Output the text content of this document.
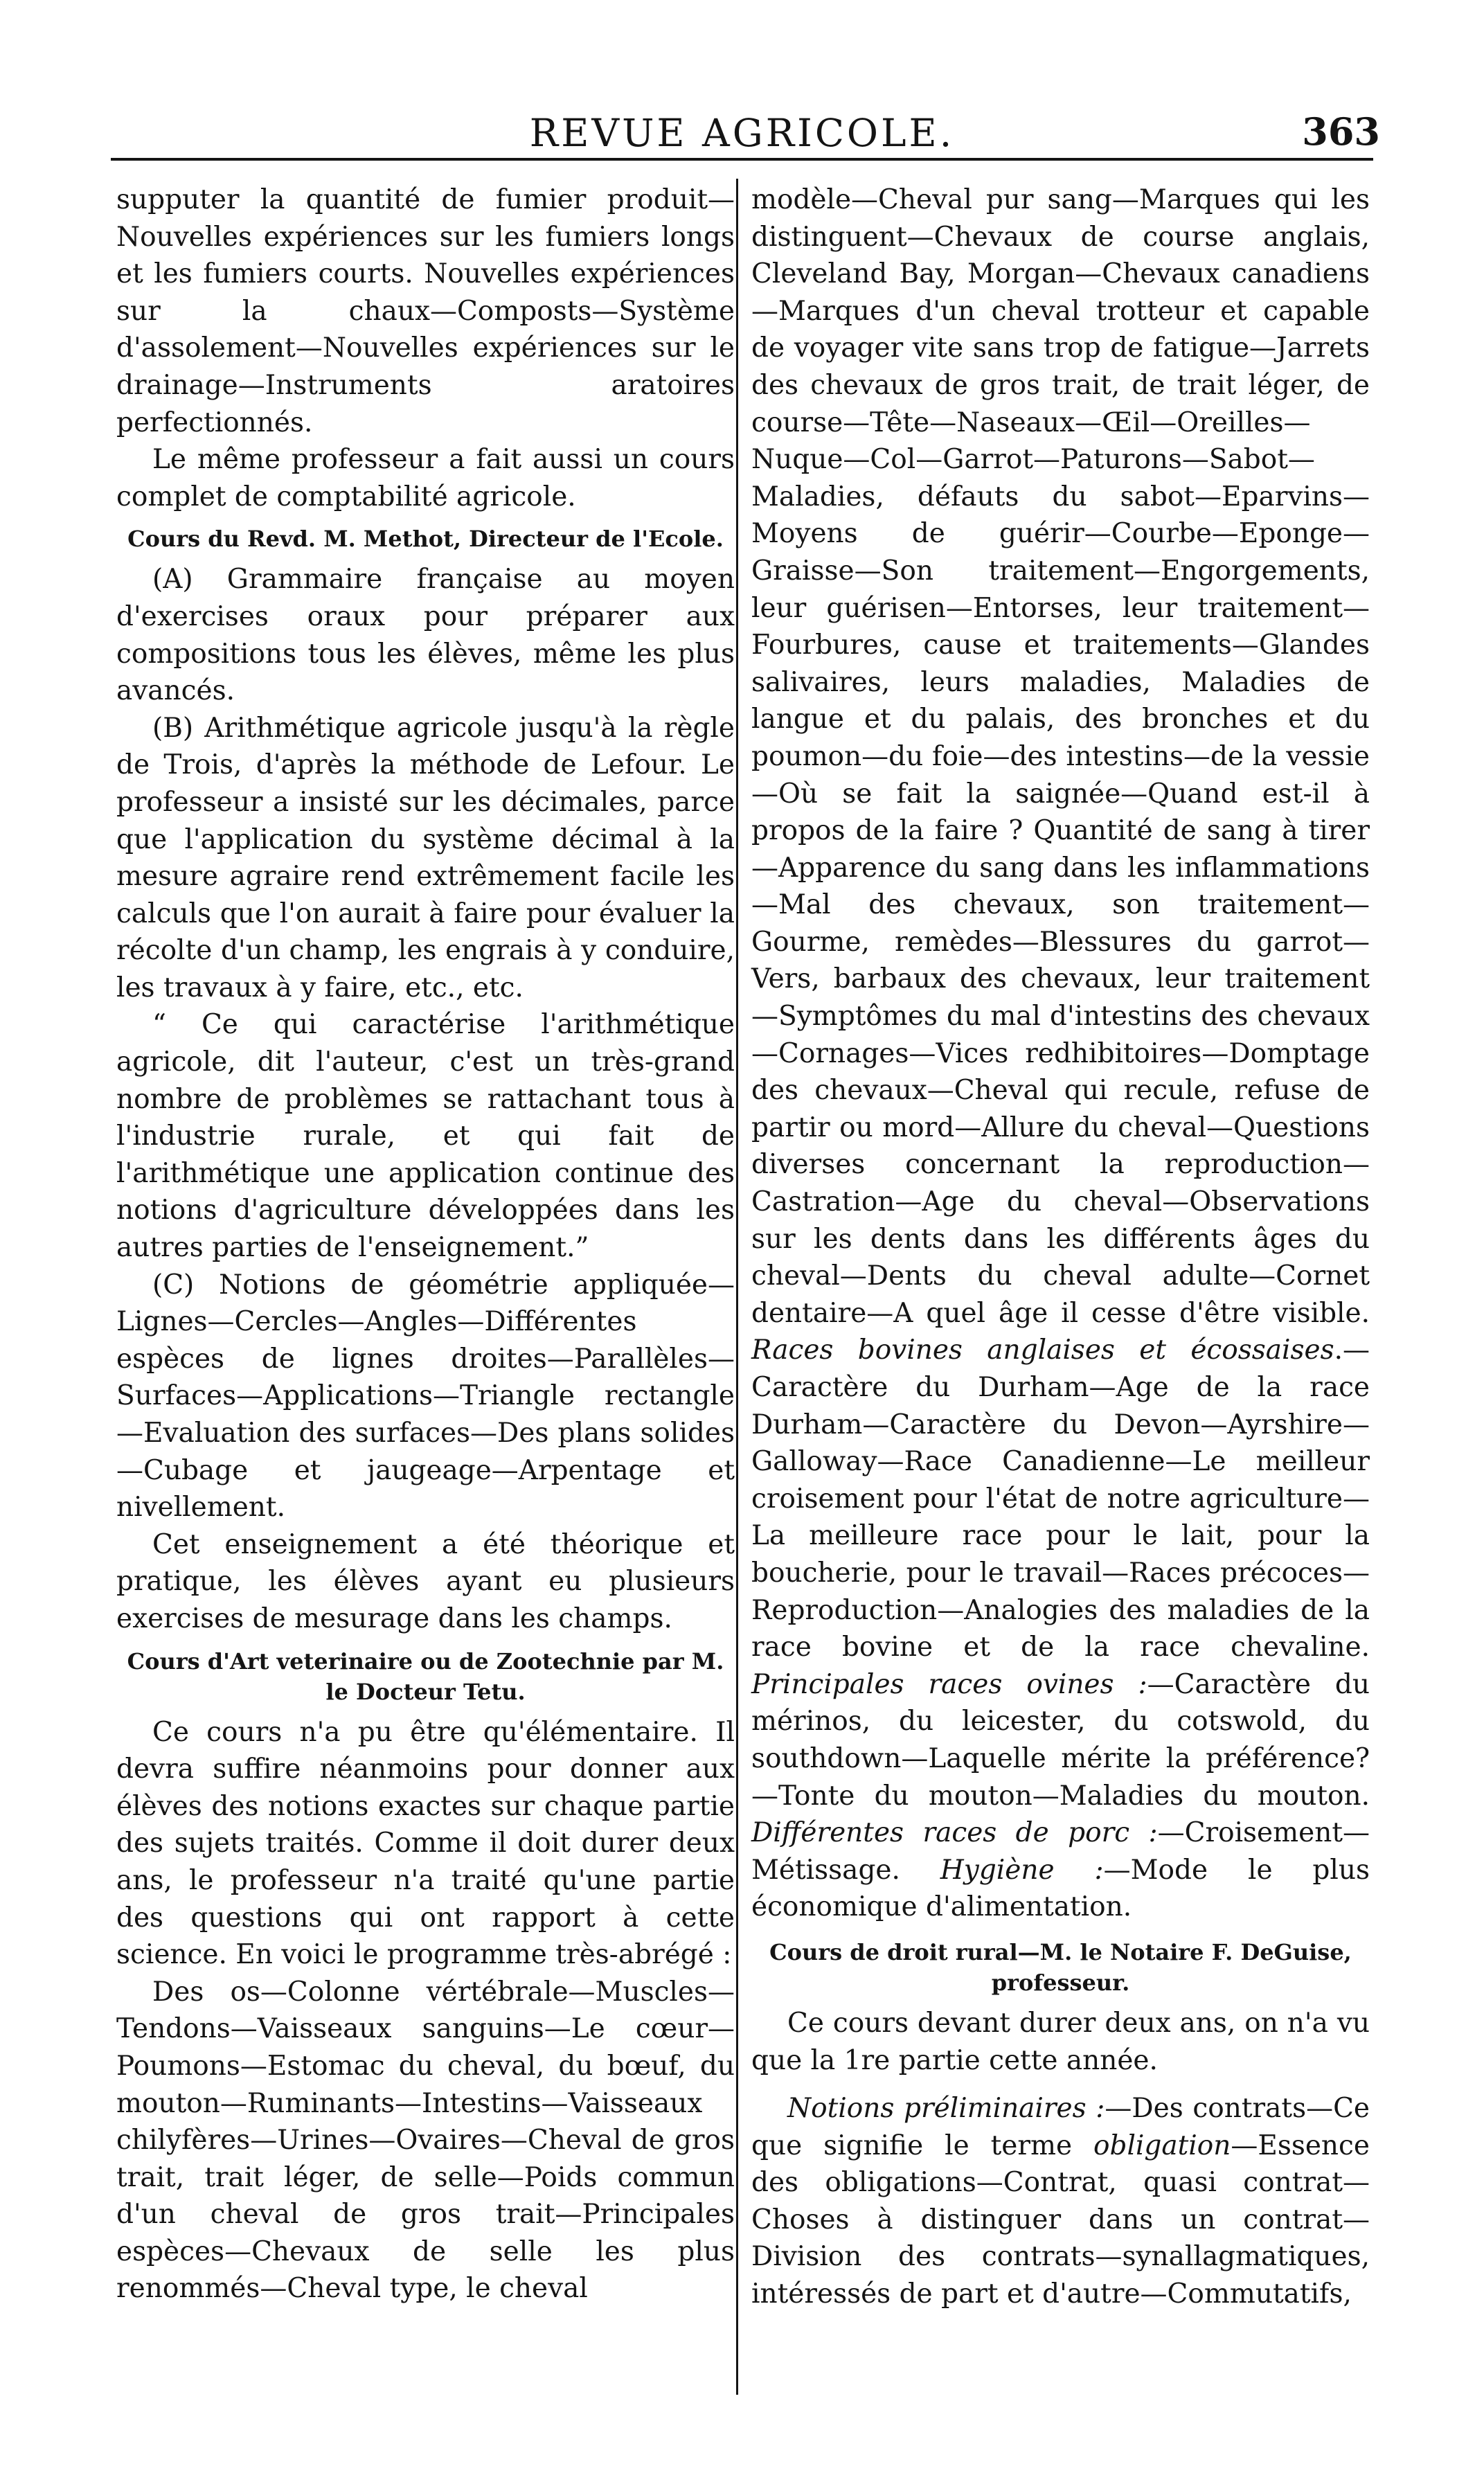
REVUE AGRICOLE.	363

supputer la quantité de fumier produit—Nouvelles expériences sur les fumiers longs et les fumiers courts. Nouvelles expériences sur la chaux—Composts—Système d'assolement—Nouvelles expériences sur le drainage—Instruments aratoires perfectionnés.

Le même professeur a fait aussi un cours complet de comptabilité agricole.

Cours du Revd. M. Methot, Directeur de l'Ecole.

(A) Grammaire française au moyen d'exercises oraux pour préparer aux compositions tous les élèves, même les plus avancés.

(B) Arithmétique agricole jusqu'à la règle de Trois, d'après la méthode de Lefour. Le professeur a insisté sur les décimales, parce que l'application du système décimal à la mesure agraire rend extrêmement facile les calculs que l'on aurait à faire pour évaluer la récolte d'un champ, les engrais à y conduire, les travaux à y faire, etc., etc.

“ Ce qui caractérise l'arithmétique agricole, dit l'auteur, c'est un très-grand nombre de problèmes se rattachant tous à l'industrie rurale, et qui fait de l'arithmétique une application continue des notions d'agriculture développées dans les autres parties de l'enseignement.”

(C) Notions de géométrie appliquée—Lignes—Cercles—Angles—Différentes espèces de lignes droites—Parallèles—Surfaces—Applications—Triangle rectangle—Evaluation des surfaces—Des plans solides—Cubage et jaugeage—Arpentage et nivellement.

Cet enseignement a été théorique et pratique, les élèves ayant eu plusieurs exercises de mesurage dans les champs.

Cours d'Art veterinaire ou de Zootechnie par M. le Docteur Tetu.

Ce cours n'a pu être qu'élémentaire. Il devra suffire néanmoins pour donner aux élèves des notions exactes sur chaque partie des sujets traités. Comme il doit durer deux ans, le professeur n'a traité qu'une partie des questions qui ont rapport à cette science. En voici le programme très-abrégé :

Des os—Colonne vértébrale—Muscles—Tendons—Vaisseaux sanguins—Le cœur—Poumons—Estomac du cheval, du bœuf, du mouton—Ruminants—Intestins—Vaisseaux chilyfères—Urines—Ovaires—Cheval de gros trait, trait léger, de selle—Poids commun d'un cheval de gros trait—Principales espèces—Chevaux de selle les plus renommés—Cheval type, le cheval

modèle—Cheval pur sang—Marques qui les distinguent—Chevaux de course anglais, Cleveland Bay, Morgan—Chevaux canadiens—Marques d'un cheval trotteur et capable de voyager vite sans trop de fatigue—Jarrets des chevaux de gros trait, de trait léger, de course—Tête—Naseaux—Œil—Oreilles—Nuque—Col—Garrot—Paturons—Sabot—Maladies, défauts du sabot—Eparvins—Moyens de guérir—Courbe—Eponge—Graisse—Son traitement—Engorgements, leur guérisen—Entorses, leur traitement—Fourbures, cause et traitements—Glandes salivaires, leurs maladies, Maladies de langue et du palais, des bronches et du poumon—du foie—des intestins—de la vessie—Où se fait la saignée—Quand est-il à propos de la faire ? Quantité de sang à tirer—Apparence du sang dans les inflammations—Mal des chevaux, son traitement—Gourme, remèdes—Blessures du garrot—Vers, barbaux des chevaux, leur traitement—Symptômes du mal d'intestins des chevaux—Cornages—Vices redhibitoires—Domptage des chevaux—Cheval qui recule, refuse de partir ou mord—Allure du cheval—Questions diverses concernant la reproduction—Castration—Age du cheval—Observations sur les dents dans les différents âges du cheval—Dents du cheval adulte—Cornet dentaire—A quel âge il cesse d'être visible. Races bovines anglaises et écossaises.—Caractère du Durham—Age de la race Durham—Caractère du Devon—Ayrshire—Galloway—Race Canadienne—Le meilleur croisement pour l'état de notre agriculture—La meilleure race pour le lait, pour la boucherie, pour le travail—Races précoces—Reproduction—Analogies des maladies de la race bovine et de la race chevaline. Principales races ovines :—Caractère du mérinos, du leicester, du cotswold, du southdown—Laquelle mérite la préférence?—Tonte du mouton—Maladies du mouton. Différentes races de porc :—Croisement—Métissage. Hygiène :—Mode le plus économique d'alimentation.

Cours de droit rural—M. le Notaire F. DeGuise, professeur.

Ce cours devant durer deux ans, on n'a vu que la 1re partie cette année.

Notions préliminaires :—Des contrats—Ce que signifie le terme obligation—Essence des obligations—Contrat, quasi contrat—Choses à distinguer dans un contrat—Division des contrats—synallagmatiques, intéressés de part et d'autre—Commutatifs,
